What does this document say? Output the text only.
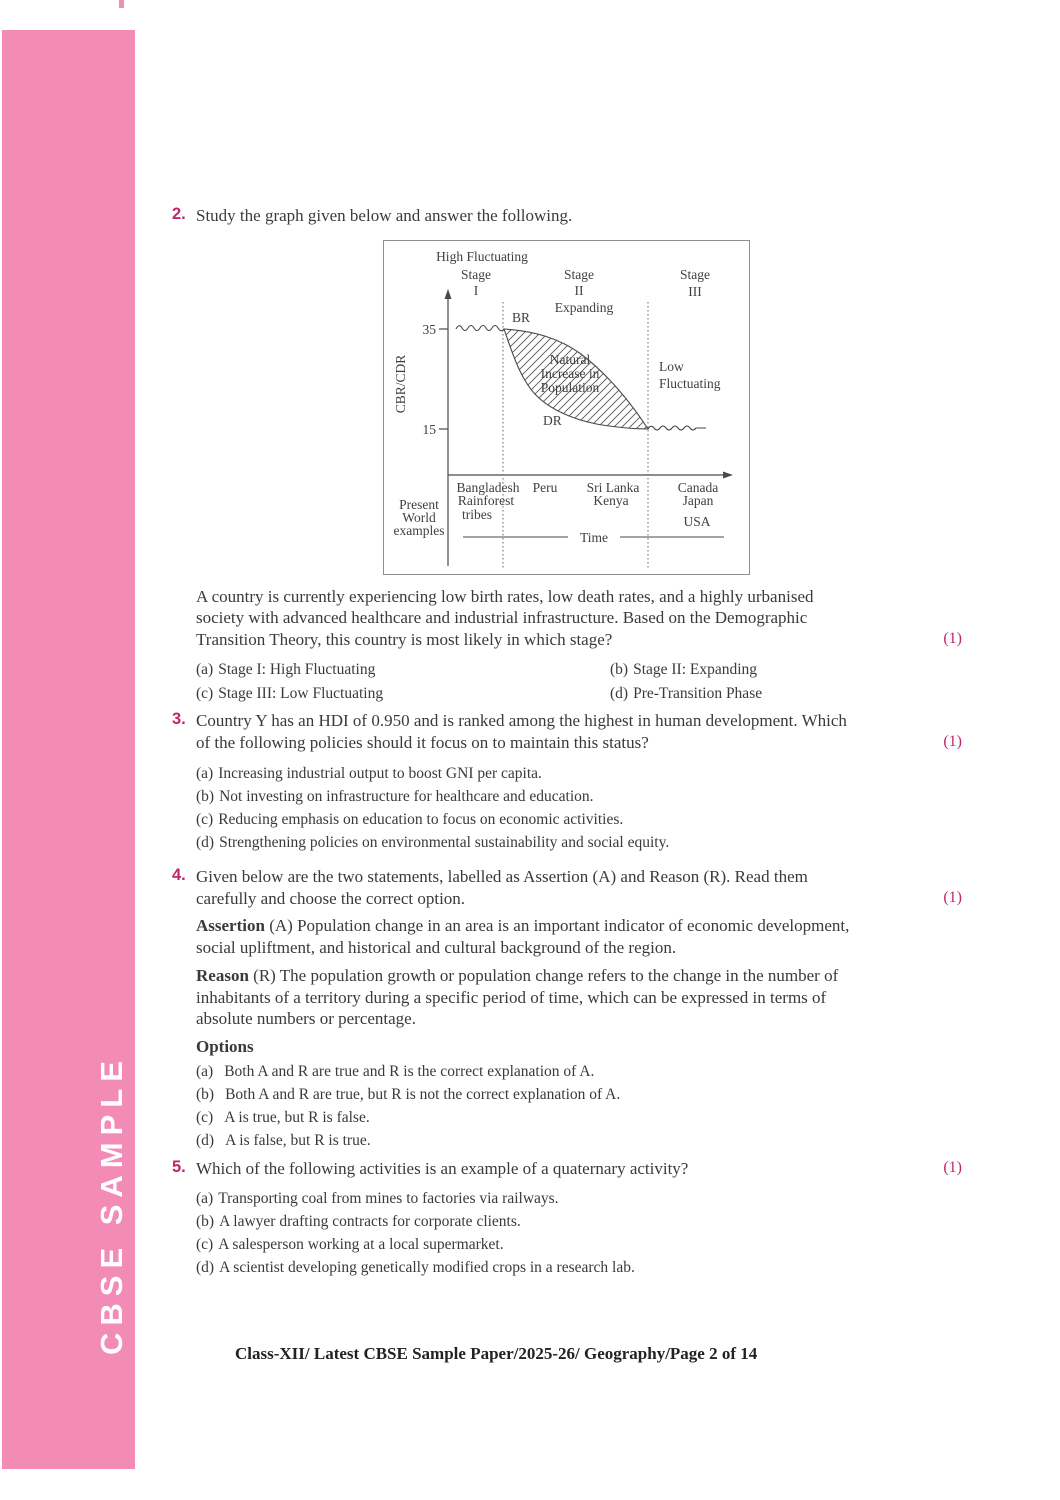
CBSE SAMPLE
2. Study the graph given below and answer the following.
High Fluctuating
Stage
I
Stage
II
Expanding
Stage
III
35
15
CBR/CDR
BR
DR
Natural
Increase in
Population
Low
Fluctuating
Bangladesh
Rainforest
tribes
Peru Sri Lanka
Kenya
Canada
Japan
USA
Present
World
examples	Time
A country is currently experiencing low birth rates, low death rates, and a highly urbanised
society with advanced healthcare and industrial infrastructure. Based on the Demographic
Transition Theory, this country is most likely in which stage?	(1)
(a) Stage I: High Fluctuating	(b) Stage II: Expanding
(c) Stage III: Low Fluctuating	(d) Pre-Transition Phase
3. Country Y has an HDI of 0.950 and is ranked among the highest in human development. Which
of the following policies should it focus on to maintain this status?	(1)
(a) Increasing industrial output to boost GNI per capita.
(b) Not investing on infrastructure for healthcare and education.
(c) Reducing emphasis on education to focus on economic activities.
(d) Strengthening policies on environmental sustainability and social equity.
4. Given below are the two statements, labelled as Assertion (A) and Reason (R). Read them
carefully and choose the correct option.	(1)
Assertion (A) Population change in an area is an important indicator of economic development,
social upliftment, and historical and cultural background of the region.
Reason (R) The population growth or population change refers to the change in the number of
inhabitants of a territory during a specific period of time, which can be expressed in terms of
absolute numbers or percentage.
Options
(a) Both A and R are true and R is the correct explanation of A.
(b) Both A and R are true, but R is not the correct explanation of A.
(c) A is true, but R is false.
(d) A is false, but R is true.
5. Which of the following activities is an example of a quaternary activity?	(1)
(a) Transporting coal from mines to factories via railways.
(b) A lawyer drafting contracts for corporate clients.
(c) A salesperson working at a local supermarket.
(d) A scientist developing genetically modified crops in a research lab.
Class-XII/ Latest CBSE Sample Paper/2025-26/ Geography/Page 2 of 14
